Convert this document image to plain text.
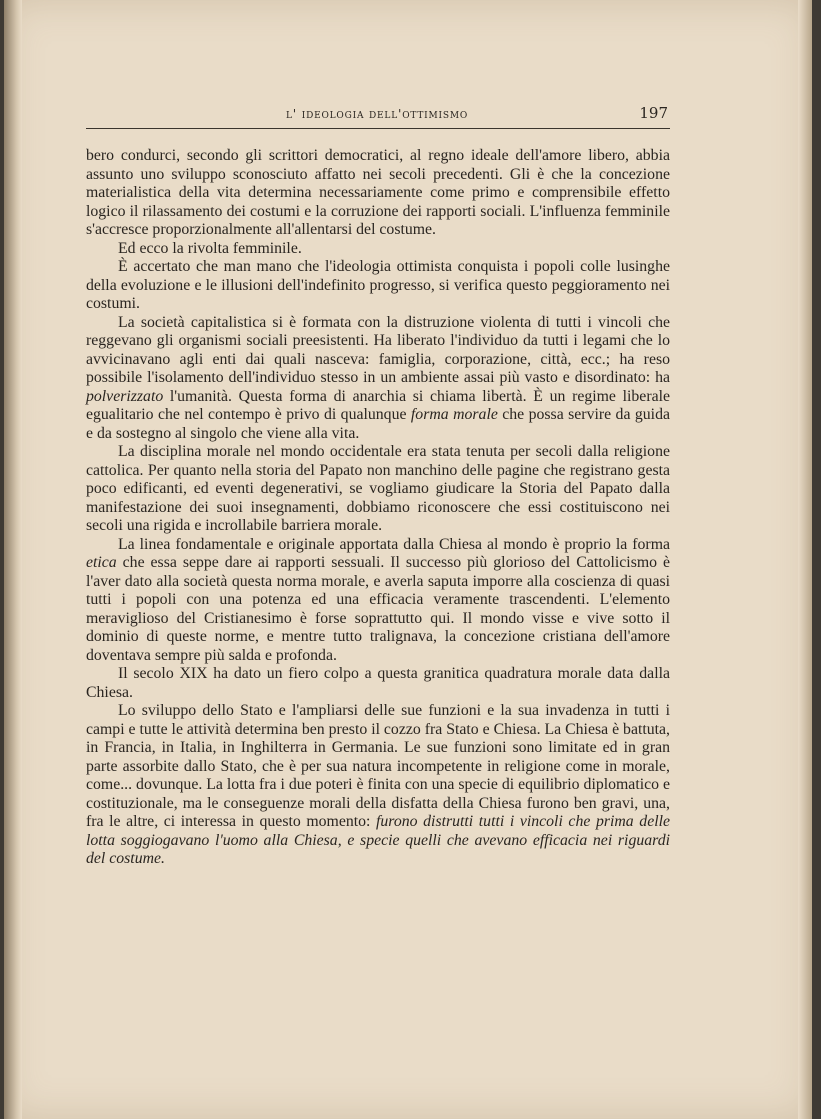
l' ideologia dell'ottimismo	197

bero condurci, secondo gli scrittori democratici, al regno ideale dell'amore libero, abbia assunto uno sviluppo sconosciuto affatto nei secoli precedenti. Gli è che la concezione materialistica della vita determina necessariamente come primo e comprensibile effetto logico il rilassamento dei costumi e la corruzione dei rapporti sociali. L'influenza femminile s'accresce proporzionalmente all'allentarsi del costume.

Ed ecco la rivolta femminile.

È accertato che man mano che l'ideologia ottimista conquista i popoli colle lusinghe della evoluzione e le illusioni dell'indefinito progresso, si verifica questo peggioramento nei costumi.

La società capitalistica si è formata con la distruzione violenta di tutti i vincoli che reggevano gli organismi sociali preesistenti. Ha liberato l'individuo da tutti i legami che lo avvicinavano agli enti dai quali nasceva: famiglia, corporazione, città, ecc.; ha reso possibile l'isolamento dell'individuo stesso in un ambiente assai più vasto e disordinato: ha polverizzato l'umanità. Questa forma di anarchia si chiama libertà. È un regime liberale egualitario che nel contempo è privo di qualunque forma morale che possa servire da guida e da sostegno al singolo che viene alla vita.

La disciplina morale nel mondo occidentale era stata tenuta per secoli dalla religione cattolica. Per quanto nella storia del Papato non manchino delle pagine che registrano gesta poco edificanti, ed eventi degenerativi, se vogliamo giudicare la Storia del Papato dalla manifestazione dei suoi insegnamenti, dobbiamo riconoscere che essi costituiscono nei secoli una rigida e incrollabile barriera morale.

La linea fondamentale e originale apportata dalla Chiesa al mondo è proprio la forma etica che essa seppe dare ai rapporti sessuali. Il successo più glorioso del Cattolicismo è l'aver dato alla società questa norma morale, e averla saputa imporre alla coscienza di quasi tutti i popoli con una potenza ed una efficacia veramente trascendenti. L'elemento meraviglioso del Cristianesimo è forse soprattutto qui. Il mondo visse e vive sotto il dominio di queste norme, e mentre tutto tralignava, la concezione cristiana dell'amore doventava sempre più salda e profonda.

Il secolo XIX ha dato un fiero colpo a questa granitica quadratura morale data dalla Chiesa.

Lo sviluppo dello Stato e l'ampliarsi delle sue funzioni e la sua invadenza in tutti i campi e tutte le attività determina ben presto il cozzo fra Stato e Chiesa. La Chiesa è battuta, in Francia, in Italia, in Inghilterra in Germania. Le sue funzioni sono limitate ed in gran parte assorbite dallo Stato, che è per sua natura incompetente in religione come in morale, come... dovunque. La lotta fra i due poteri è finita con una specie di equilibrio diplomatico e costituzionale, ma le conseguenze morali della disfatta della Chiesa furono ben gravi, una, fra le altre, ci interessa in questo momento: furono distrutti tutti i vincoli che prima delle lotta soggiogavano l'uomo alla Chiesa, e specie quelli che avevano efficacia nei riguardi del costume.
